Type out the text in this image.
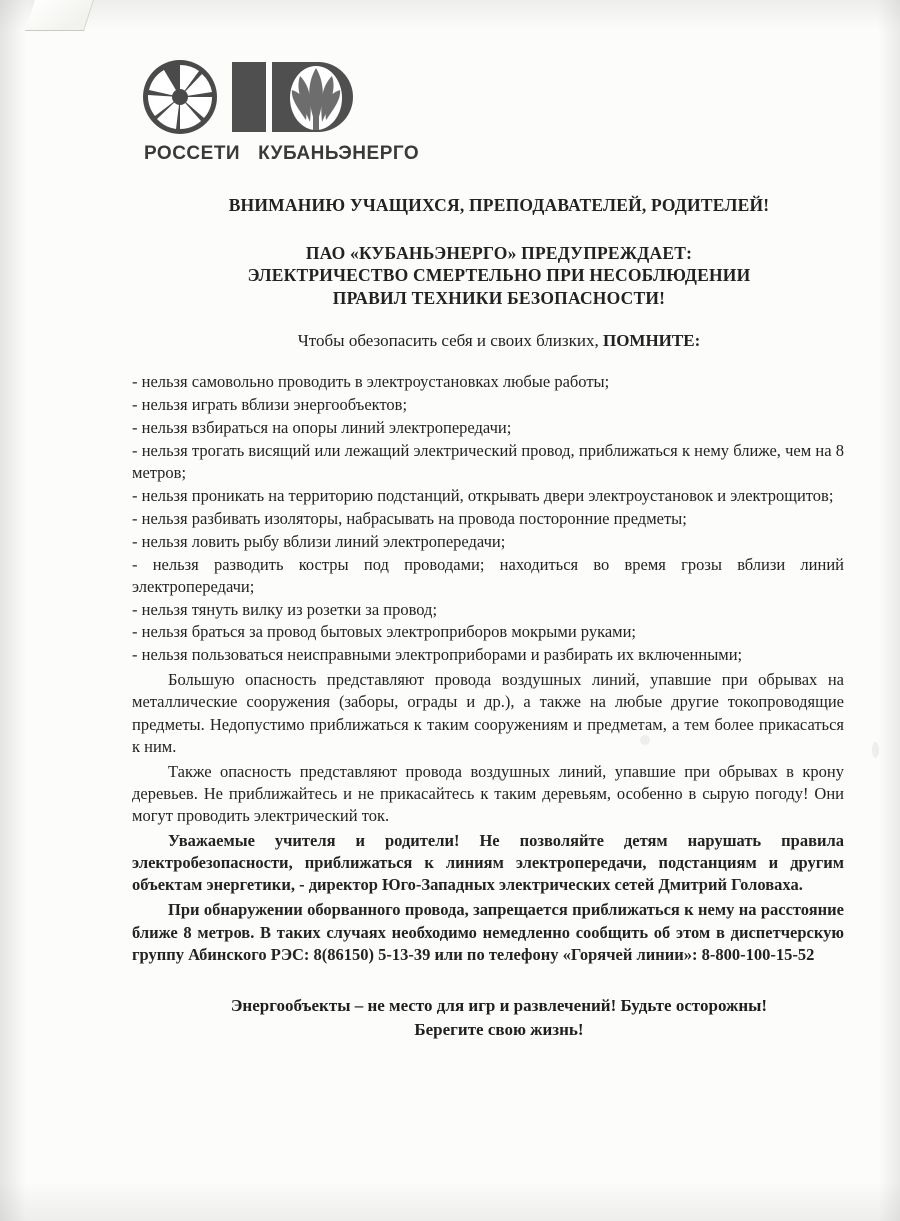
РОССЕТИ КУБАНЬЭНЕРГО
ВНИМАНИЮ УЧАЩИХСЯ, ПРЕПОДАВАТЕЛЕЙ, РОДИТЕЛЕЙ!
ПАО «КУБАНЬЭНЕРГО» ПРЕДУПРЕЖДАЕТ:
ЭЛЕКТРИЧЕСТВО СМЕРТЕЛЬНО ПРИ НЕСОБЛЮДЕНИИ
ПРАВИЛ ТЕХНИКИ БЕЗОПАСНОСТИ!
Чтобы обезопасить себя и своих близких, ПОМНИТЕ:
- нельзя самовольно проводить в электроустановках любые работы;
- нельзя играть вблизи энергообъектов;
- нельзя взбираться на опоры линий электропередачи;
- нельзя трогать висящий или лежащий электрический провод, приближаться к нему ближе, чем на 8 метров;
- нельзя проникать на территорию подстанций, открывать двери электроустановок и электрощитов;
- нельзя разбивать изоляторы, набрасывать на провода посторонние предметы;
- нельзя ловить рыбу вблизи линий электропередачи;
- нельзя разводить костры под проводами; находиться во время грозы вблизи линий электропередачи;
- нельзя тянуть вилку из розетки за провод;
- нельзя браться за провод бытовых электроприборов мокрыми руками;
- нельзя пользоваться неисправными электроприборами и разбирать их включенными;
Большую опасность представляют провода воздушных линий, упавшие при обрывах на металлические сооружения (заборы, ограды и др.), а также на любые другие токопроводящие предметы. Недопустимо приближаться к таким сооружениям и предметам, а тем более прикасаться к ним.
Также опасность представляют провода воздушных линий, упавшие при обрывах в крону деревьев. Не приближайтесь и не прикасайтесь к таким деревьям, особенно в сырую погоду! Они могут проводить электрический ток.
Уважаемые учителя и родители! Не позволяйте детям нарушать правила электробезопасности, приближаться к линиям электропередачи, подстанциям и другим объектам энергетики, - директор Юго-Западных электрических сетей Дмитрий Головаха.
При обнаружении оборванного провода, запрещается приближаться к нему на расстояние ближе 8 метров. В таких случаях необходимо немедленно сообщить об этом в диспетчерскую группу Абинского РЭС: 8(86150) 5-13-39 или по телефону «Горячей линии»: 8-800-100-15-52
Энергообъекты – не место для игр и развлечений! Будьте осторожны!
Берегите свою жизнь!
